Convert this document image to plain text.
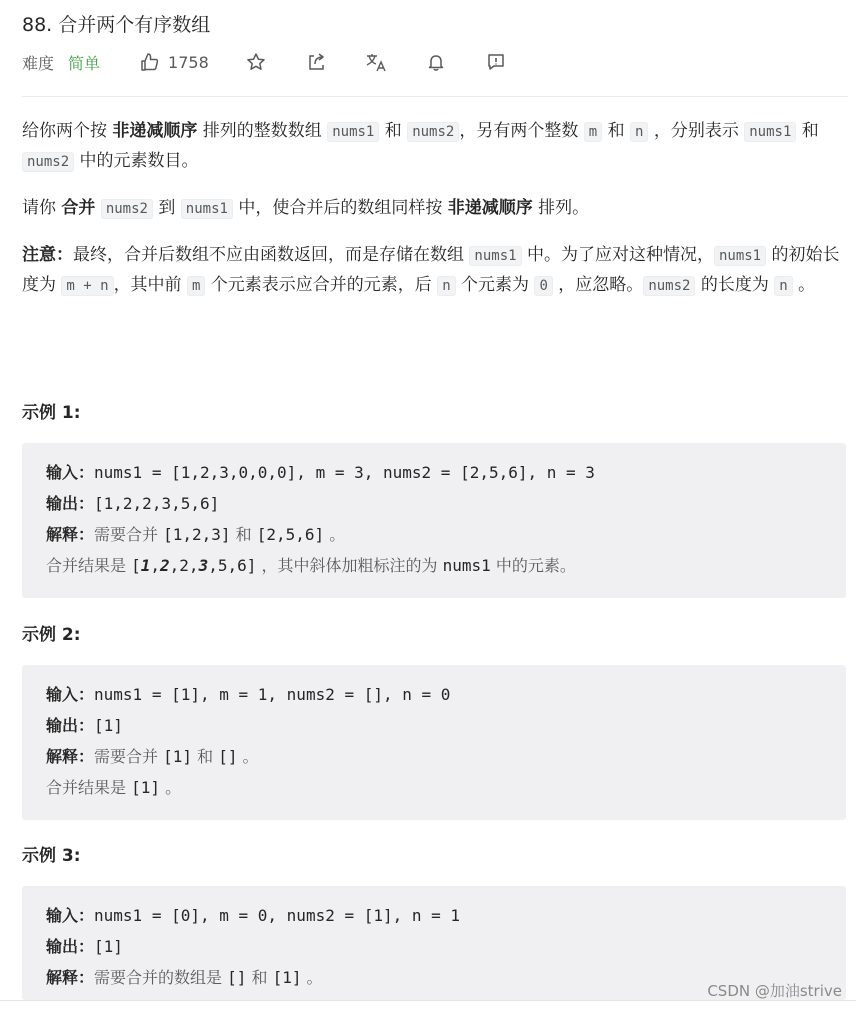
88. 合并两个有序数组
难度 简单	1758
给你两个按 非递减顺序 排列的整数数组 nums1 和 nums2 ，另有两个整数 m 和 n ，分别表示 nums1 和 nums2 中的元素数目。
请你 合并 nums2 到 nums1 中，使合并后的数组同样按 非递减顺序 排列。
注意：最终，合并后数组不应由函数返回，而是存储在数组 nums1 中。为了应对这种情况， nums1 的初始长度为 m + n ，其中前 m 个元素表示应合并的元素，后 n 个元素为 0 ，应忽略。 nums2 的长度为 n 。
示例 1:
输入：nums1 = [1,2,3,0,0,0], m = 3, nums2 = [2,5,6], n = 3
输出：[1,2,2,3,5,6]
解释：需要合并 [1,2,3] 和 [2,5,6] 。
合并结果是 [1,2,2,3,5,6] ，其中斜体加粗标注的为 nums1 中的元素。
示例 2:
输入：nums1 = [1], m = 1, nums2 = [], n = 0
输出：[1]
解释：需要合并 [1] 和 [] 。
合并结果是 [1] 。
示例 3:
输入：nums1 = [0], m = 0, nums2 = [1], n = 1
输出：[1]
解释：需要合并的数组是 [] 和 [1] 。
CSDN @加油strive
